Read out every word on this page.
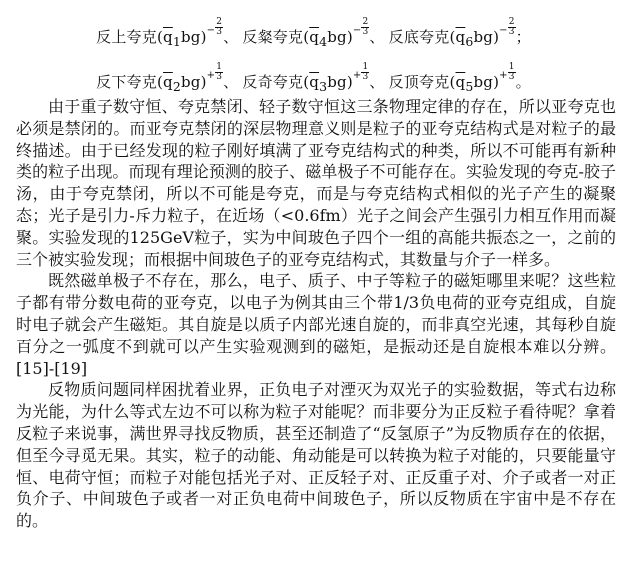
反上夸克$(\overline{q}_1bg)^- \frac{2}{3}$
、 反粲夸克$(\overline{q}_4bg)^- \frac{2}{3}$
、 反底夸克$(\overline{q}_6bg)^- \frac{2}{3}$
；
反下夸克$(\overline{q}_2bg)^+ \frac{1}{3}$
、 反奇夸克$(\overline{q}_3bg)^+ \frac{1}{3}$
、 反顶夸克$(\overline{q}_5bg)^+ \frac{1}{3}$
。

由于重子数守恒、夸克禁闭、轻子数守恒这三条物理定律的存在，所以亚夸克也必须是禁闭的。而亚夸克禁闭的深层物理意义则是粒子的亚夸克结构式是对粒子的最终描述。由于已经发现的粒子刚好填满了亚夸克结构式的种类，所以不可能再有新种类的粒子出现。而现有理论预测的胶子、磁单极子不可能存在。实验发现的夸克-胶子汤，由于夸克禁闭，所以不可能是夸克，而是与夸克结构式相似的光子产生的凝聚态；光子是引力-斥力粒子，在近场（<0.6fm）光子之间会产生强引力相互作用而凝聚。实验发现的125GeV粒子，实为中间玻色子四个一组的高能共振态之一，之前的三个被实验发现；而根据中间玻色子的亚夸克结构式，其数量与介子一样多。

既然磁单极子不存在，那么，电子、质子、中子等粒子的磁矩哪里来呢？这些粒子都有带分数电荷的亚夸克，以电子为例其由三个带1/3负电荷的亚夸克组成，自旋时电子就会产生磁矩。其自旋是以质子内部光速自旋的，而非真空光速，其每秒自旋百分之一弧度不到就可以产生实验观测到的磁矩，是振动还是自旋根本难以分辨。[15]-[19]

反物质问题同样困扰着业界，正负电子对湮灭为双光子的实验数据，等式右边称为光能，为什么等式左边不可以称为粒子对能呢？而非要分为正反粒子看待呢？拿着反粒子来说事，满世界寻找反物质，甚至还制造了“反氢原子”为反物质存在的依据，但至今寻觅无果。其实，粒子的动能、角动能是可以转换为粒子对能的，只要能量守恒、电荷守恒；而粒子对能包括光子对、正反轻子对、正反重子对、介子或者一对正负介子、中间玻色子或者一对正负电荷中间玻色子，所以反物质在宇宙中是不存在的。
